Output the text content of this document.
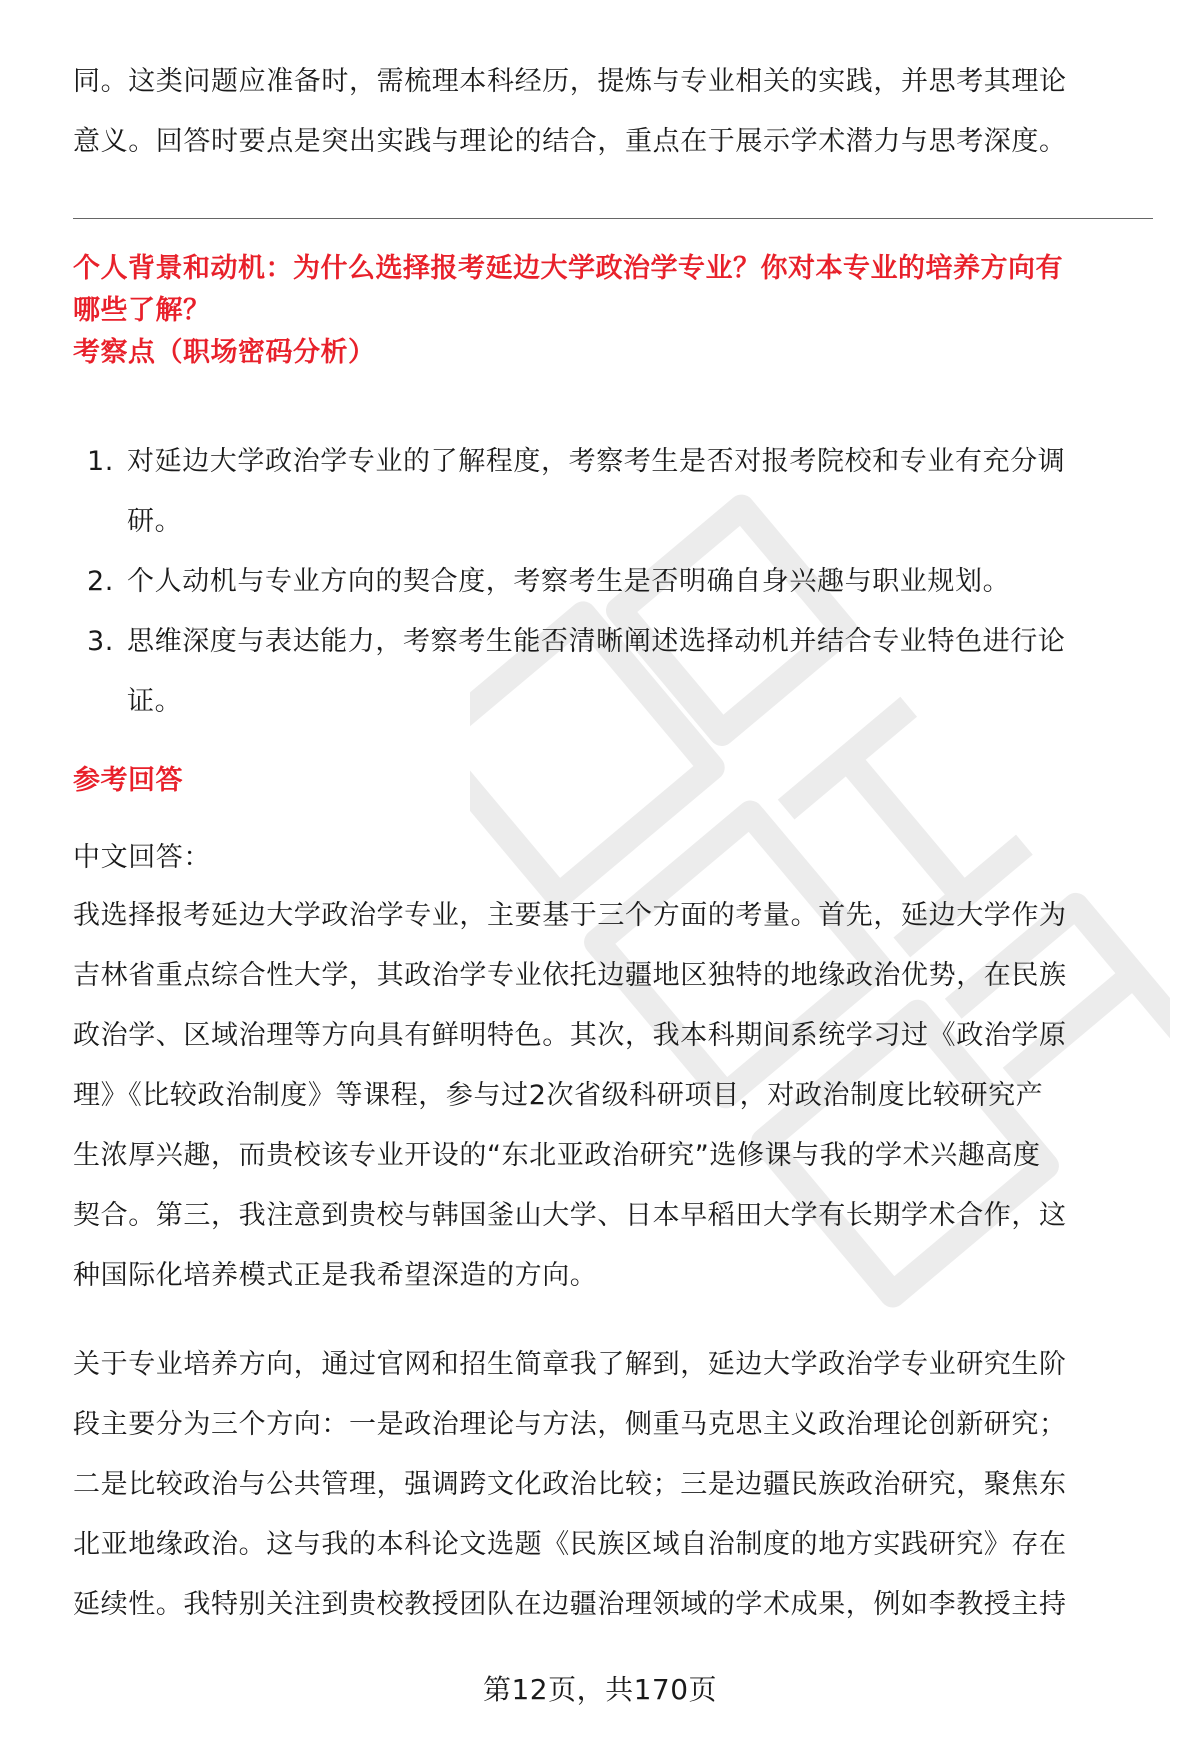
同。这类问题应准备时，需梳理本科经历，提炼与专业相关的实践，并思考其理论

意义。回答时要点是突出实践与理论的结合，重点在于展示学术潜力与思考深度。

个人背景和动机：为什么选择报考延边大学政治学专业？你对本专业的培养方向有
哪些了解？
考察点（职场密码分析）
1. 对延边大学政治学专业的了解程度，考察考生是否对报考院校和专业有充分调
研。
2. 个人动机与专业方向的契合度，考察考生是否明确自身兴趣与职业规划。
3. 思维深度与表达能力，考察考生能否清晰阐述选择动机并结合专业特色进行论
证。
参考回答

中文回答：

我选择报考延边大学政治学专业，主要基于三个方面的考量。首先，延边大学作为

吉林省重点综合性大学，其政治学专业依托边疆地区独特的地缘政治优势，在民族

政治学、区域治理等方向具有鲜明特色。其次，我本科期间系统学习过《政治学原

理》《比较政治制度》等课程，参与过2次省级科研项目，对政治制度比较研究产

生浓厚兴趣，而贵校该专业开设的“东北亚政治研究”选修课与我的学术兴趣高度

契合。第三，我注意到贵校与韩国釜山大学、日本早稻田大学有长期学术合作，这

种国际化培养模式正是我希望深造的方向。

关于专业培养方向，通过官网和招生简章我了解到，延边大学政治学专业研究生阶

段主要分为三个方向：一是政治理论与方法，侧重马克思主义政治理论创新研究；

二是比较政治与公共管理，强调跨文化政治比较；三是边疆民族政治研究，聚焦东

北亚地缘政治。这与我的本科论文选题《民族区域自治制度的地方实践研究》存在

延续性。我特别关注到贵校教授团队在边疆治理领域的学术成果，例如李教授主持

第12页，共170页
